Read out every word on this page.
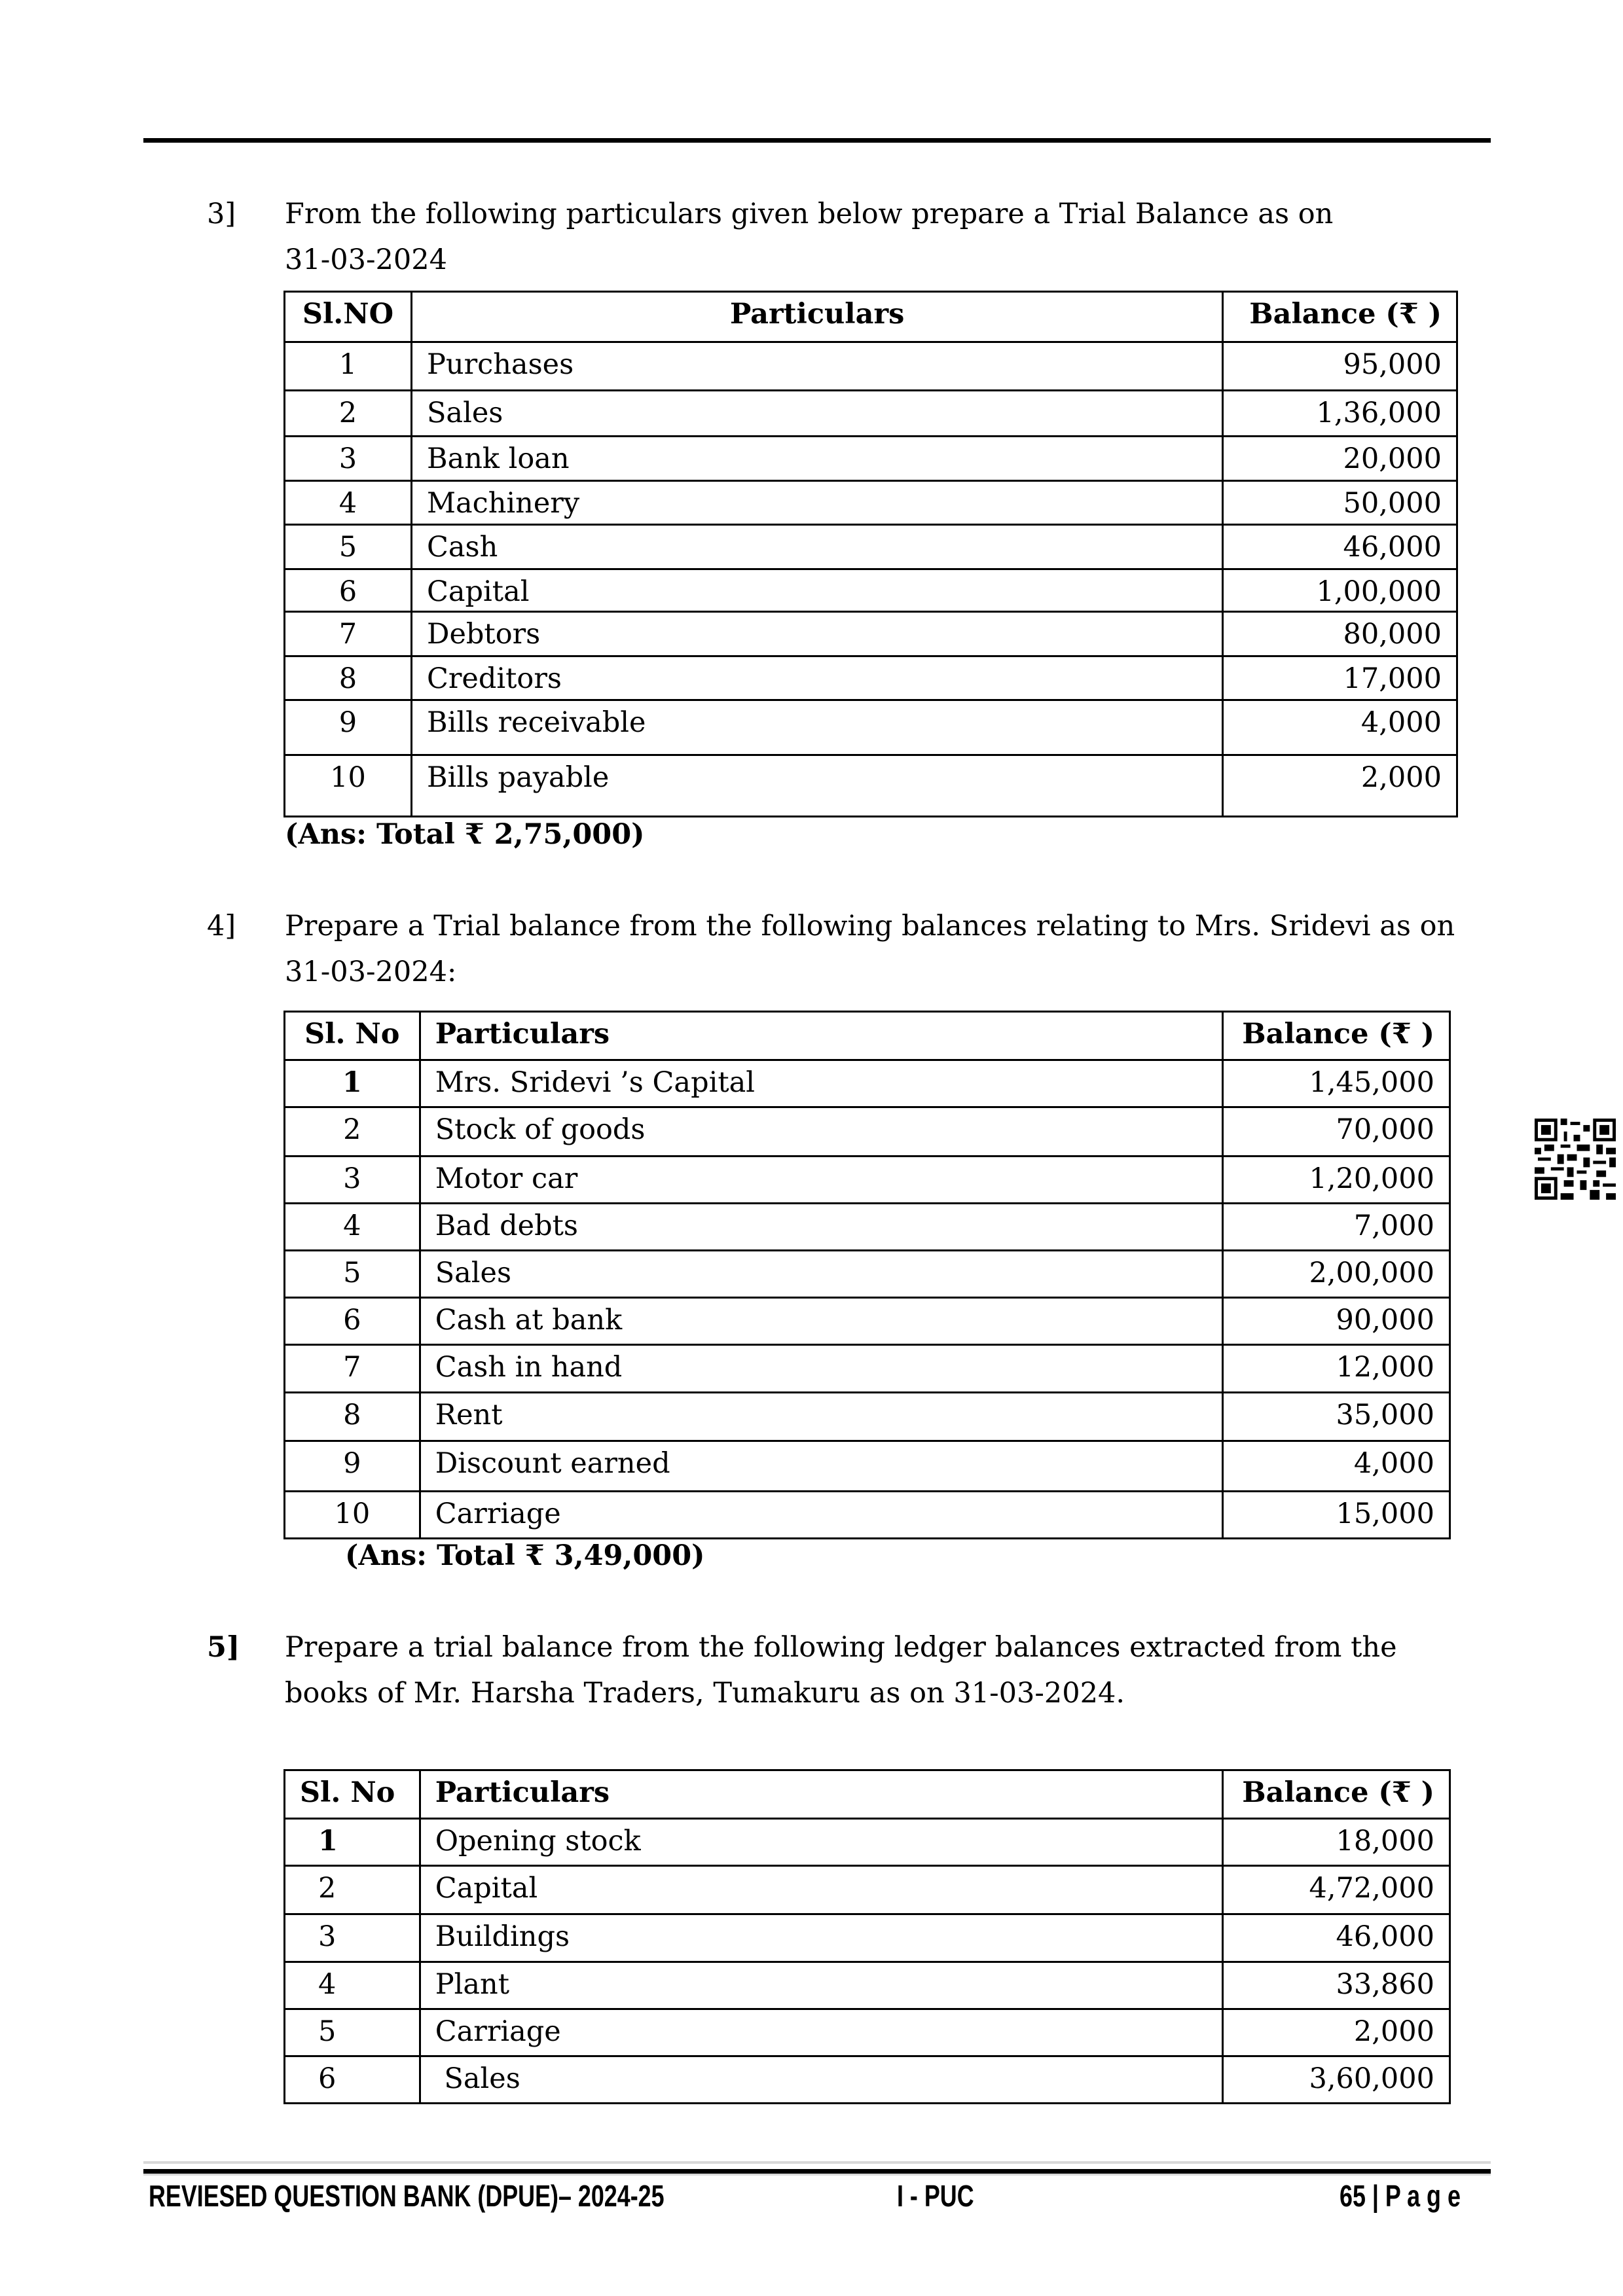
3] From the following particulars given below prepare a Trial Balance as on
31-03-2024
Sl.NO	Particulars	Balance (₹ )
1	Purchases	95,000
2	Sales	1,36,000
3	Bank loan	20,000
4	Machinery	50,000
5	Cash	46,000
6	Capital	1,00,000
7	Debtors	80,000
8	Creditors	17,000
9	Bills receivable	4,000
10	Bills payable	2,000
(Ans: Total ₹ 2,75,000)
4] Prepare a Trial balance from the following balances relating to Mrs. Sridevi as on
31-03-2024:
Sl. No	Particulars	Balance (₹ )
1	Mrs. Sridevi ’s Capital	1,45,000
2	Stock of goods	70,000
3	Motor car	1,20,000
4	Bad debts	7,000
5	Sales	2,00,000
6	Cash at bank	90,000
7	Cash in hand	12,000
8	Rent	35,000
9	Discount earned	4,000
10	Carriage	15,000
(Ans: Total ₹ 3,49,000)
5] Prepare a trial balance from the following ledger balances extracted from the
books of Mr. Harsha Traders, Tumakuru as on 31-03-2024.
Sl. No	Particulars	Balance (₹ )
1	Opening stock	18,000
2	Capital	4,72,000
3	Buildings	46,000
4	Plant	33,860
5	Carriage	2,000
6	Sales	3,60,000
REVIESED QUESTION BANK (DPUE)– 2024-25	I - PUC	65 | P a g e
